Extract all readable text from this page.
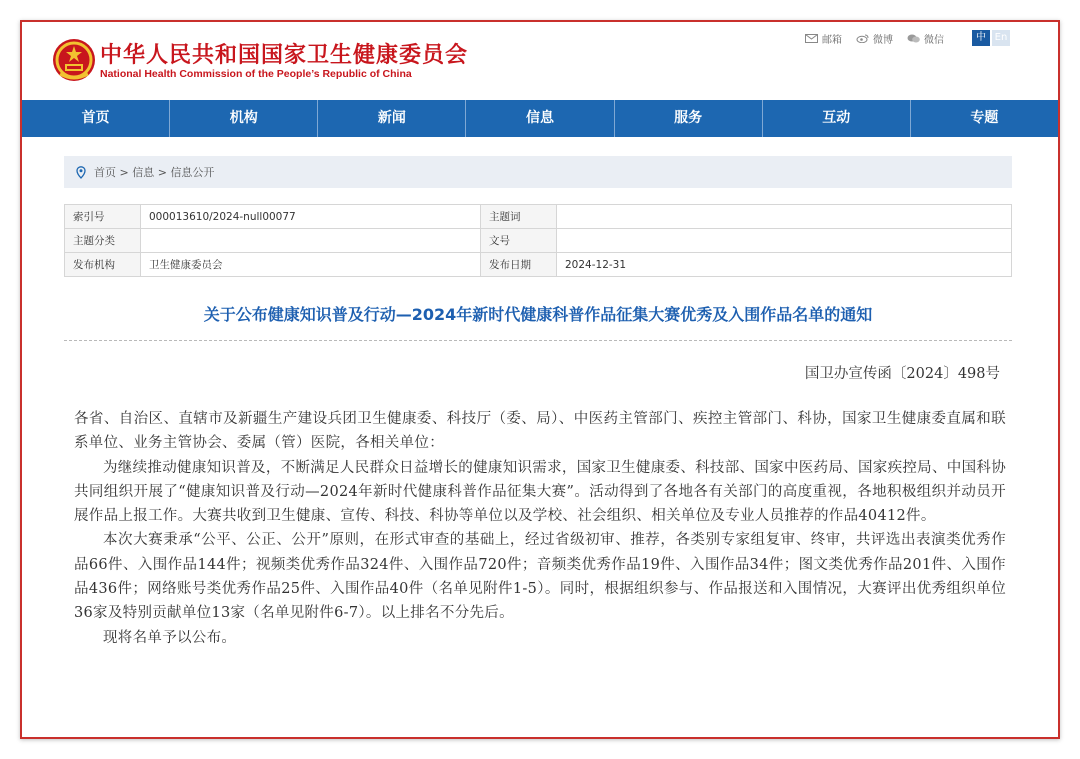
中华人民共和国国家卫生健康委员会
National Health Commission of the People’s Republic of China
邮箱	微博	微信	中 En
首页	机构	新闻	信息	服务	互动	专题
首页 > 信息 > 信息公开
索引号	000013610/2024-null00077	主题词	
主题分类		文号	
发布机构	卫生健康委员会	发布日期	2024-12-31
关于公布健康知识普及行动—2024年新时代健康科普作品征集大赛优秀及入围作品名单的通知
国卫办宣传函〔2024〕498号

各省、自治区、直辖市及新疆生产建设兵团卫生健康委、科技厅（委、局）、中医药主管部门、疾控主管部门、科协，国家卫生健康委直属和联系单位、业务主管协会、委属（管）医院，各相关单位：

为继续推动健康知识普及，不断满足人民群众日益增长的健康知识需求，国家卫生健康委、科技部、国家中医药局、国家疾控局、中国科协共同组织开展了“健康知识普及行动—2024年新时代健康科普作品征集大赛”。活动得到了各地各有关部门的高度重视，各地积极组织并动员开展作品上报工作。大赛共收到卫生健康、宣传、科技、科协等单位以及学校、社会组织、相关单位及专业人员推荐的作品40412件。

本次大赛秉承“公平、公正、公开”原则，在形式审查的基础上，经过省级初审、推荐，各类别专家组复审、终审，共评选出表演类优秀作品66件、入围作品144件；视频类优秀作品324件、入围作品720件；音频类优秀作品19件、入围作品34件；图文类优秀作品201件、入围作品436件；网络账号类优秀作品25件、入围作品40件（名单见附件1-5）。同时，根据组织参与、作品报送和入围情况，大赛评出优秀组织单位36家及特别贡献单位13家（名单见附件6-7）。以上排名不分先后。

现将名单予以公布。
